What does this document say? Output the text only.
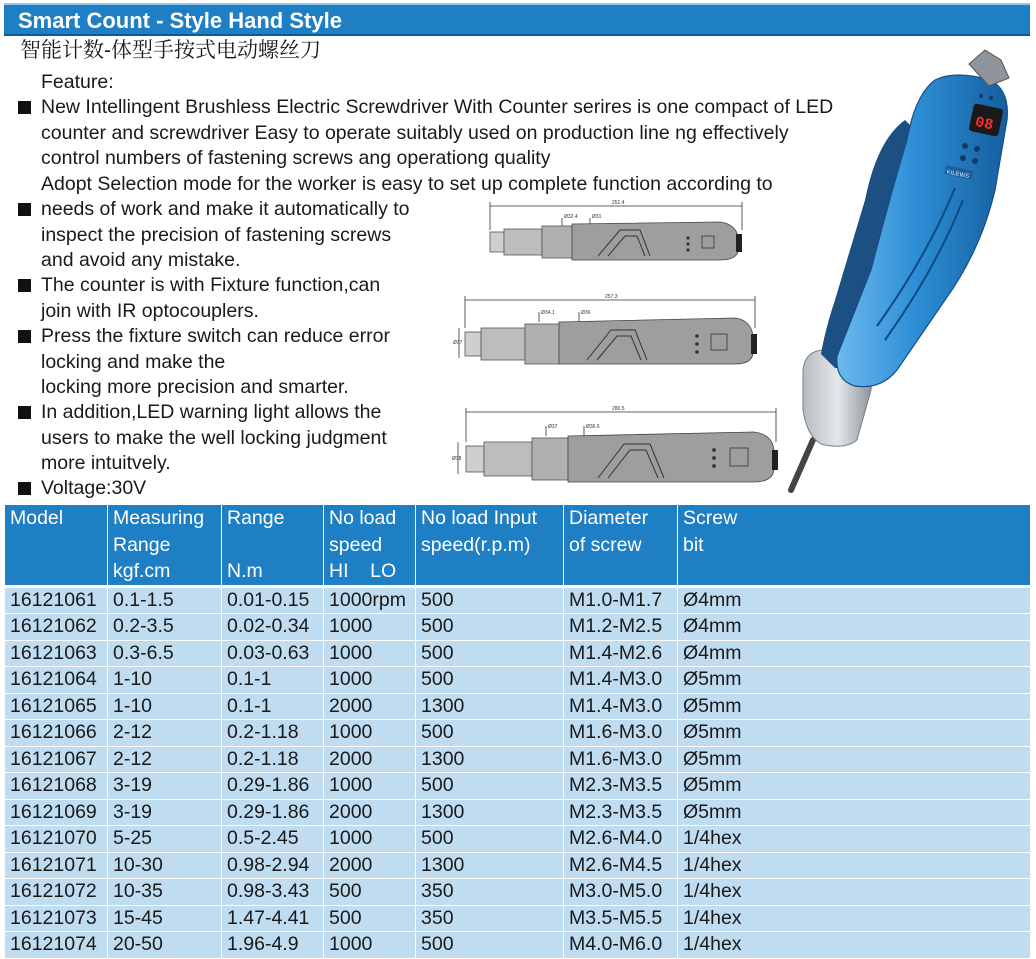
Smart Count - Style Hand Style
智能计数-体型手按式电动螺丝刀
Feature:
New Intellingent Brushless Electric Screwdriver With Counter serires is one compact of LED
counter and screwdriver Easy to operate suitably used on production line ng effectively
control numbers of fastening screws ang operationg quality
Adopt Selection mode for the worker is easy to set up complete function according to
needs of work and make it automatically to
inspect the precision of fastening screws
and avoid any mistake.
The counter is with Fixture function,can
join with IR optocouplers.
Press the fixture switch can reduce error
locking and make the
locking more precision and smarter.
In addition,LED warning light allows the
users to make the well locking judgment
more intuitvely.
Voltage:30V
251.4
Ø32.4	Ø31
257.3
Ø34.1	Ø36
Ø37
280.5
Ø37	Ø36.6
Ø38
08
KILEWS
Model	Measuring	Range	No load	No load Input	Diameter	Screw
	Range		speed	speed(r.p.m)	of screw	bit
	kgf.cm	N.m	HI    LO			
16121061	0.1-1.5	0.01-0.15	1000rpm	500	M1.0-M1.7	Ø4mm
16121062	0.2-3.5	0.02-0.34	1000	500	M1.2-M2.5	Ø4mm
16121063	0.3-6.5	0.03-0.63	1000	500	M1.4-M2.6	Ø4mm
16121064	1-10	0.1-1	1000	500	M1.4-M3.0	Ø5mm
16121065	1-10	0.1-1	2000	1300	M1.4-M3.0	Ø5mm
16121066	2-12	0.2-1.18	1000	500	M1.6-M3.0	Ø5mm
16121067	2-12	0.2-1.18	2000	1300	M1.6-M3.0	Ø5mm
16121068	3-19	0.29-1.86	1000	500	M2.3-M3.5	Ø5mm
16121069	3-19	0.29-1.86	2000	1300	M2.3-M3.5	Ø5mm
16121070	5-25	0.5-2.45	1000	500	M2.6-M4.0	1/4hex
16121071	10-30	0.98-2.94	2000	1300	M2.6-M4.5	1/4hex
16121072	10-35	0.98-3.43	500	350	M3.0-M5.0	1/4hex
16121073	15-45	1.47-4.41	500	350	M3.5-M5.5	1/4hex
16121074	20-50	1.96-4.9	1000	500	M4.0-M6.0	1/4hex
